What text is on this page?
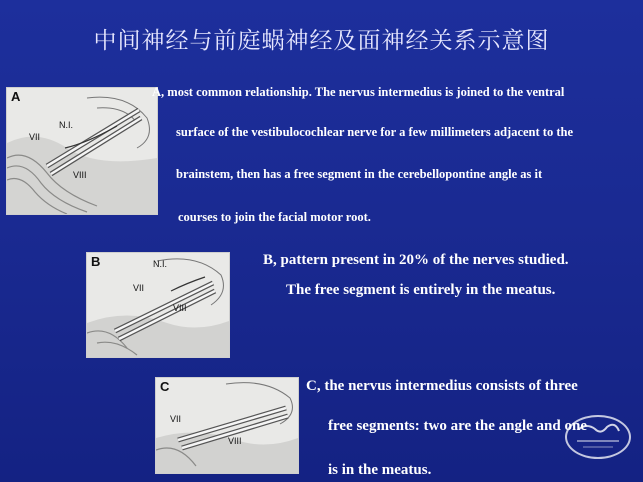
中间神经与前庭蜗神经及面神经关系示意图
A
N.I.
VII
VIII
A, most common relationship. The nervus intermedius is joined to the ventral
surface of the vestibulocochlear nerve for a few millimeters adjacent to the
brainstem, then has a free segment in the cerebellopontine angle as it
courses to join the facial motor root.
B	N.I.
VII
VIII
B, pattern present in 20% of the nerves studied.
The free segment is entirely in the meatus.
C
VII
VIII
C, the nervus intermedius consists of three
free segments: two are the angle and one
is in the meatus.
